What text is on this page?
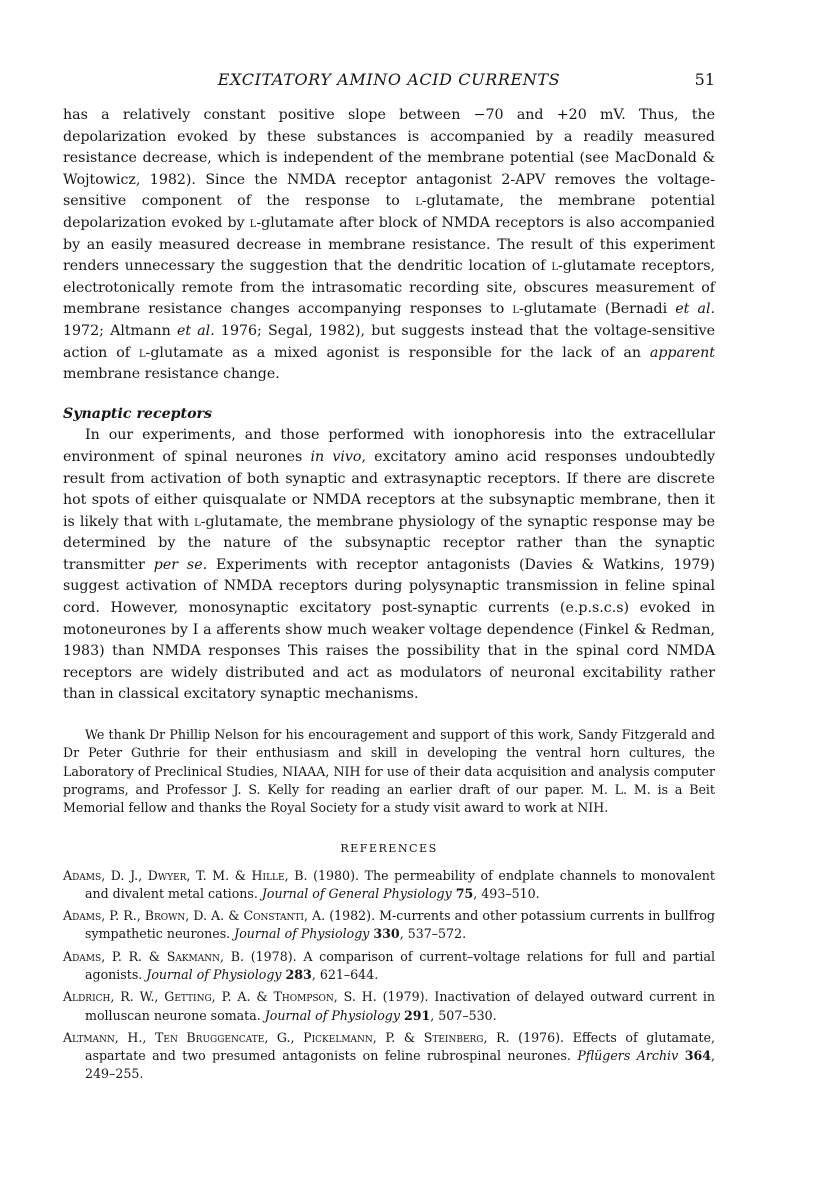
EXCITATORY AMINO ACID CURRENTS	51

has a relatively constant positive slope between −70 and +20 mV. Thus, the depolarization evoked by these substances is accompanied by a readily measured resistance decrease, which is independent of the membrane potential (see MacDonald & Wojtowicz, 1982). Since the NMDA receptor antagonist 2-APV removes the voltage-sensitive component of the response to l-glutamate, the membrane potential depolarization evoked by l-glutamate after block of NMDA receptors is also accompanied by an easily measured decrease in membrane resistance. The result of this experiment renders unnecessary the suggestion that the dendritic location of l-glutamate receptors, electrotonically remote from the intrasomatic recording site, obscures measurement of membrane resistance changes accompanying responses to l-glutamate (Bernadi et al. 1972; Altmann et al. 1976; Segal, 1982), but suggests instead that the voltage-sensitive action of l-glutamate as a mixed agonist is responsible for the lack of an apparent membrane resistance change.

Synaptic receptors

In our experiments, and those performed with ionophoresis into the extracellular environment of spinal neurones in vivo, excitatory amino acid responses undoubtedly result from activation of both synaptic and extrasynaptic receptors. If there are discrete hot spots of either quisqualate or NMDA receptors at the subsynaptic membrane, then it is likely that with l-glutamate, the membrane physiology of the synaptic response may be determined by the nature of the subsynaptic receptor rather than the synaptic transmitter per se. Experiments with receptor antagonists (Davies & Watkins, 1979) suggest activation of NMDA receptors during polysynaptic transmission in feline spinal cord. However, monosynaptic excitatory post-synaptic currents (e.p.s.c.s) evoked in motoneurones by I a afferents show much weaker voltage dependence (Finkel & Redman, 1983) than NMDA responses This raises the possibility that in the spinal cord NMDA receptors are widely distributed and act as modulators of neuronal excitability rather than in classical excitatory synaptic mechanisms.

We thank Dr Phillip Nelson for his encouragement and support of this work, Sandy Fitzgerald and Dr Peter Guthrie for their enthusiasm and skill in developing the ventral horn cultures, the Laboratory of Preclinical Studies, NIAAA, NIH for use of their data acquisition and analysis computer programs, and Professor J. S. Kelly for reading an earlier draft of our paper. M. L. M. is a Beit Memorial fellow and thanks the Royal Society for a study visit award to work at NIH.

REFERENCES

Adams, D. J., Dwyer, T. M. & Hille, B. (1980). The permeability of endplate channels to monovalent and divalent metal cations. Journal of General Physiology 75, 493–510.

Adams, P. R., Brown, D. A. & Constanti, A. (1982). M-currents and other potassium currents in bullfrog sympathetic neurones. Journal of Physiology 330, 537–572.

Adams, P. R. & Sakmann, B. (1978). A comparison of current–voltage relations for full and partial agonists. Journal of Physiology 283, 621–644.

Aldrich, R. W., Getting, P. A. & Thompson, S. H. (1979). Inactivation of delayed outward current in molluscan neurone somata. Journal of Physiology 291, 507–530.

Altmann, H., Ten Bruggencate, G., Pickelmann, P. & Steinberg, R. (1976). Effects of glutamate, aspartate and two presumed antagonists on feline rubrospinal neurones. Pflügers Archiv 364, 249–255.
